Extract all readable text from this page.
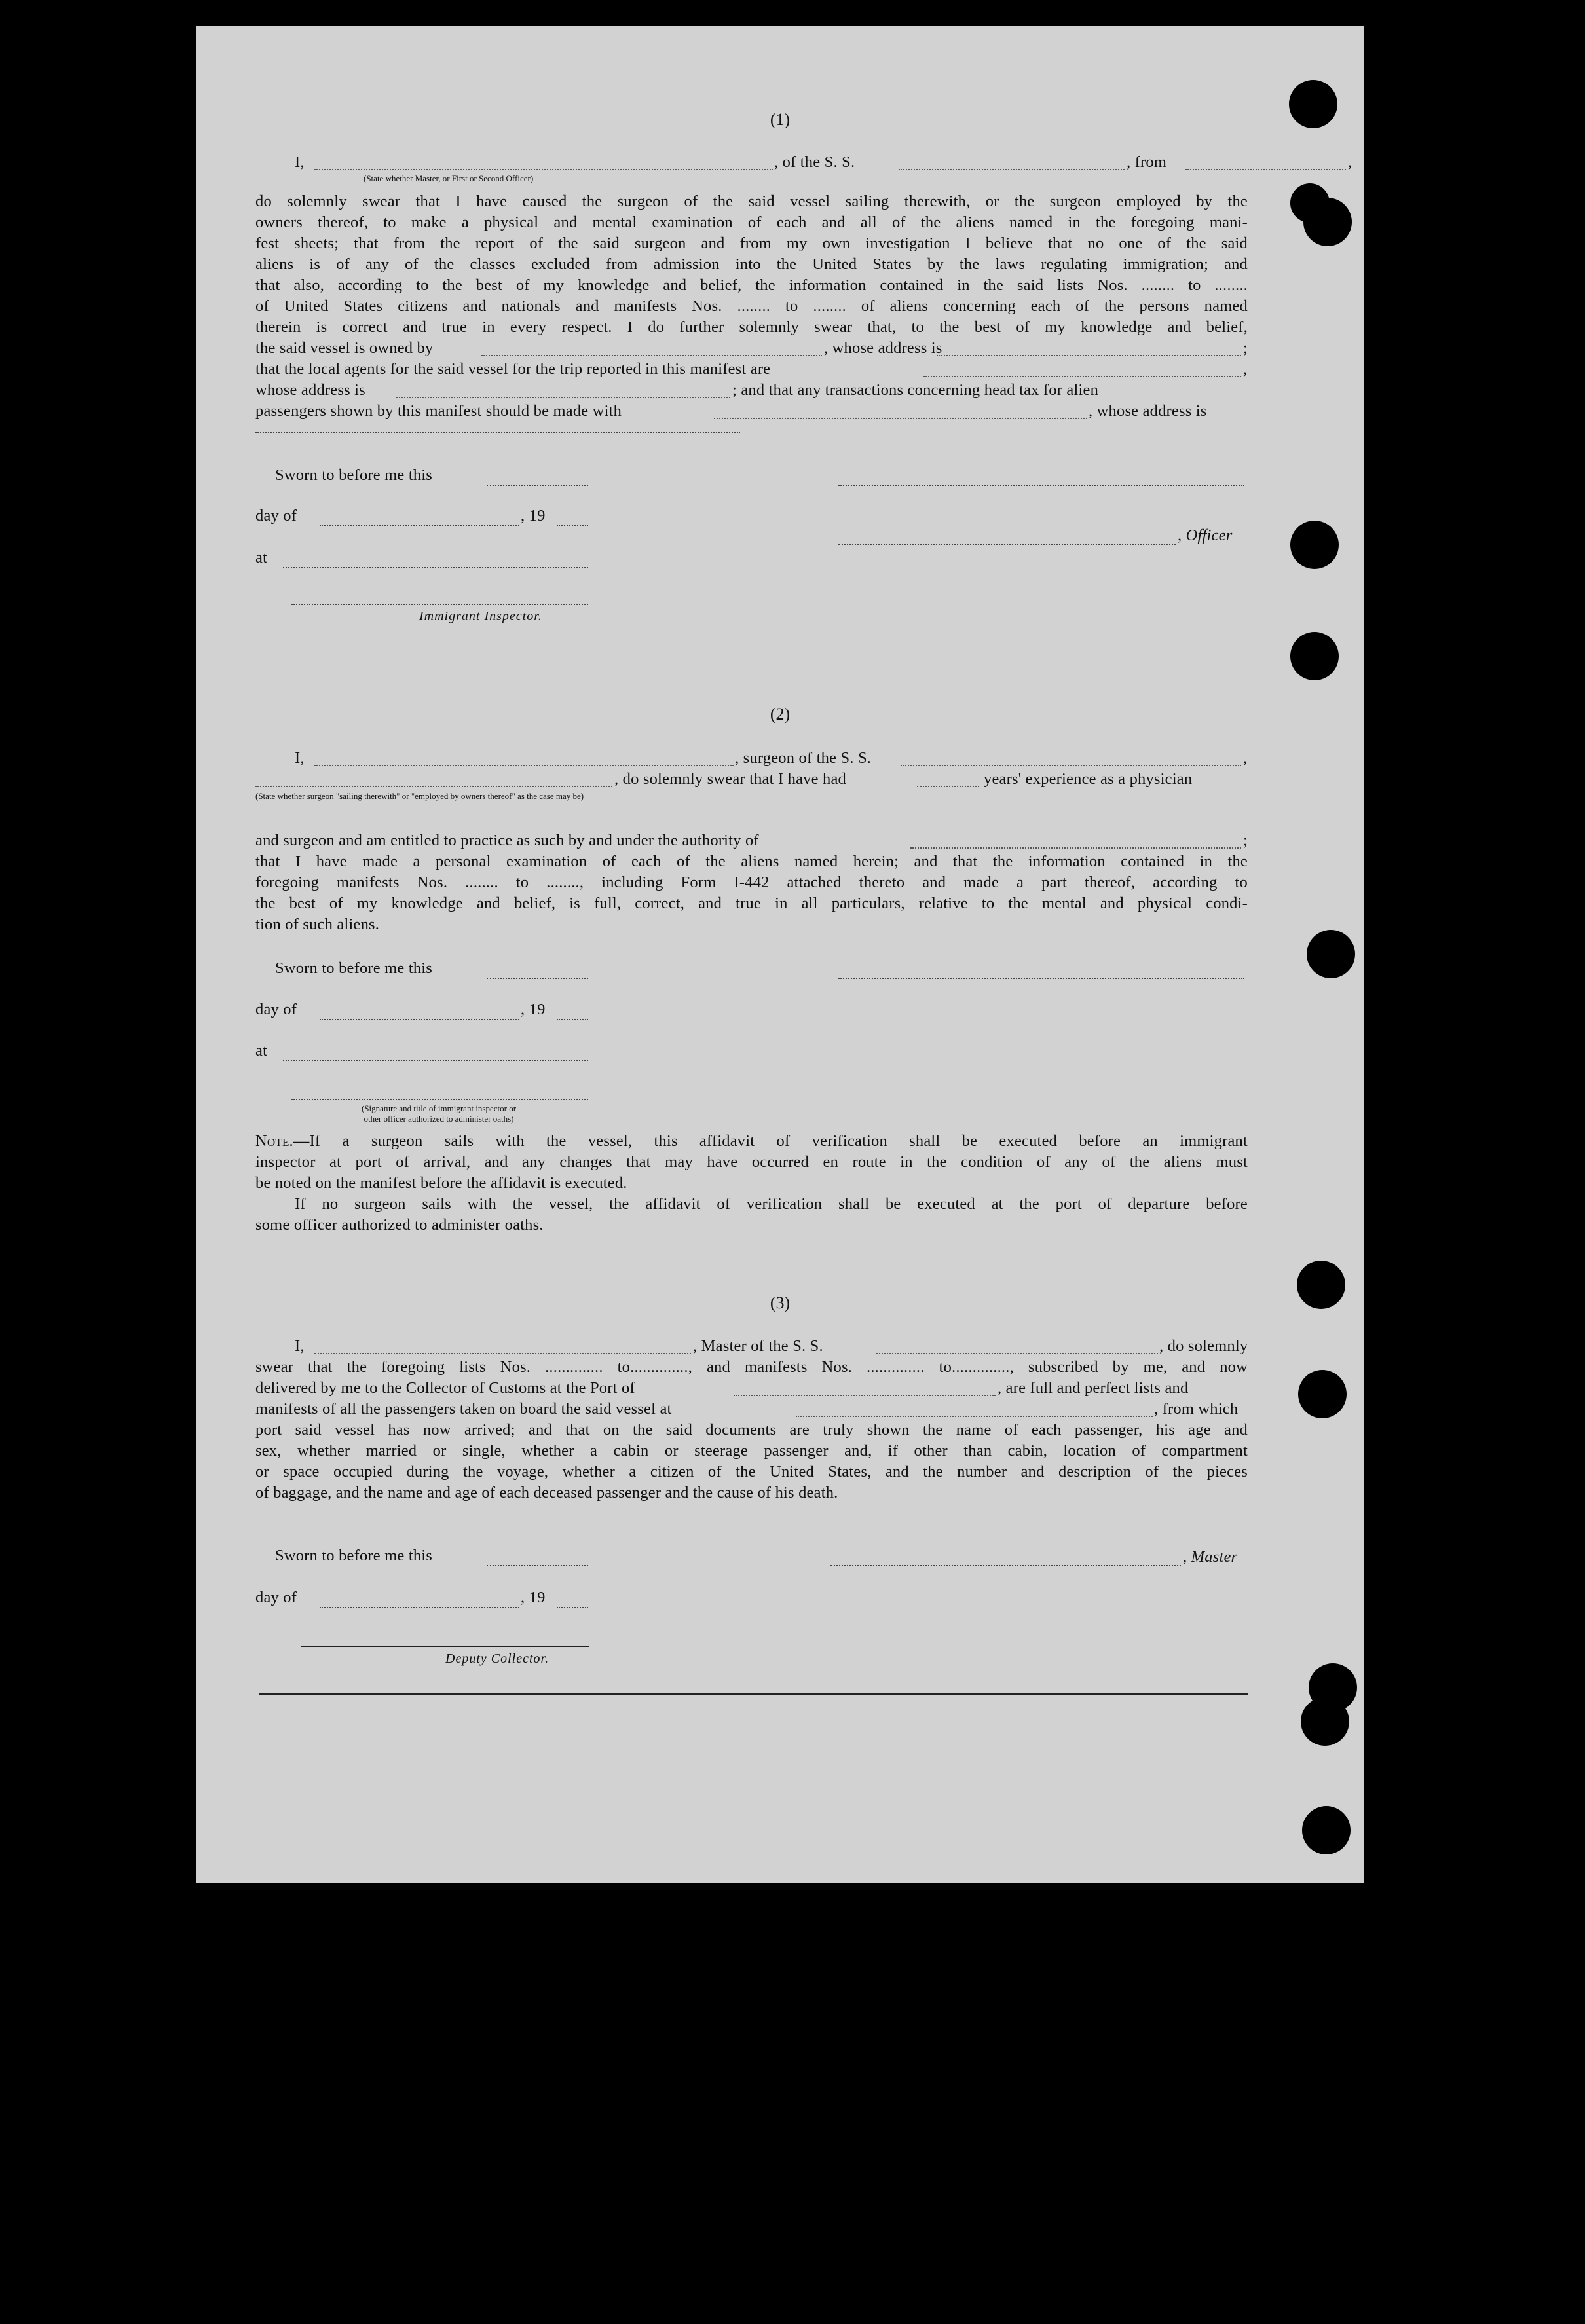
(1)
I,	, of the S. S.	, from	,
(State whether Master, or First or Second Officer)
do solemnly swear that I have caused the surgeon of the said vessel sailing therewith, or the surgeon employed by the
owners thereof, to make a physical and mental examination of each and all of the aliens named in the foregoing mani-
fest sheets; that from the report of the said surgeon and from my own investigation I believe that no one of the said
aliens is of any of the classes excluded from admission into the United States by the laws regulating immigration; and
that also, according to the best of my knowledge and belief, the information contained in the said lists Nos. ........ to ........
of United States citizens and nationals and manifests Nos. ........ to ........ of aliens concerning each of the persons named
therein is correct and true in every respect. I do further solemnly swear that, to the best of my knowledge and belief,
the said vessel is owned by	, whose address is	;
that the local agents for the said vessel for the trip reported in this manifest are	,
whose address is	; and that any transactions concerning head tax for alien
passengers shown by this manifest should be made with	, whose address is
Sworn to before me this
day of	, 19
, Officer
at
Immigrant Inspector.
(2)
I,	, surgeon of the S. S.	,
, do solemnly swear that I have had	years' experience as a physician
(State whether surgeon "sailing therewith" or "employed by owners thereof" as the case may be)
and surgeon and am entitled to practice as such by and under the authority of	;
that I have made a personal examination of each of the aliens named herein; and that the information contained in the
foregoing manifests Nos. ........ to ........, including Form I-442 attached thereto and made a part thereof, according to
the best of my knowledge and belief, is full, correct, and true in all particulars, relative to the mental and physical condi-
tion of such aliens.
Sworn to before me this
day of	, 19
at
(Signature and title of immigrant inspector or
other officer authorized to administer oaths)
Note.—If a surgeon sails with the vessel, this affidavit of verification shall be executed before an immigrant
inspector at port of arrival, and any changes that may have occurred en route in the condition of any of the aliens must
be noted on the manifest before the affidavit is executed.
If no surgeon sails with the vessel, the affidavit of verification shall be executed at the port of departure before
some officer authorized to administer oaths.
(3)
I,	, Master of the S. S.	, do solemnly
swear that the foregoing lists Nos. .............. to.............., and manifests Nos. .............. to.............., subscribed by me, and now
delivered by me to the Collector of Customs at the Port of	, are full and perfect lists and
manifests of all the passengers taken on board the said vessel at	, from which
port said vessel has now arrived; and that on the said documents are truly shown the name of each passenger, his age and
sex, whether married or single, whether a cabin or steerage passenger and, if other than cabin, location of compartment
or space occupied during the voyage, whether a citizen of the United States, and the number and description of the pieces
of baggage, and the name and age of each deceased passenger and the cause of his death.
Sworn to before me this	, Master
day of	, 19
Deputy Collector.
